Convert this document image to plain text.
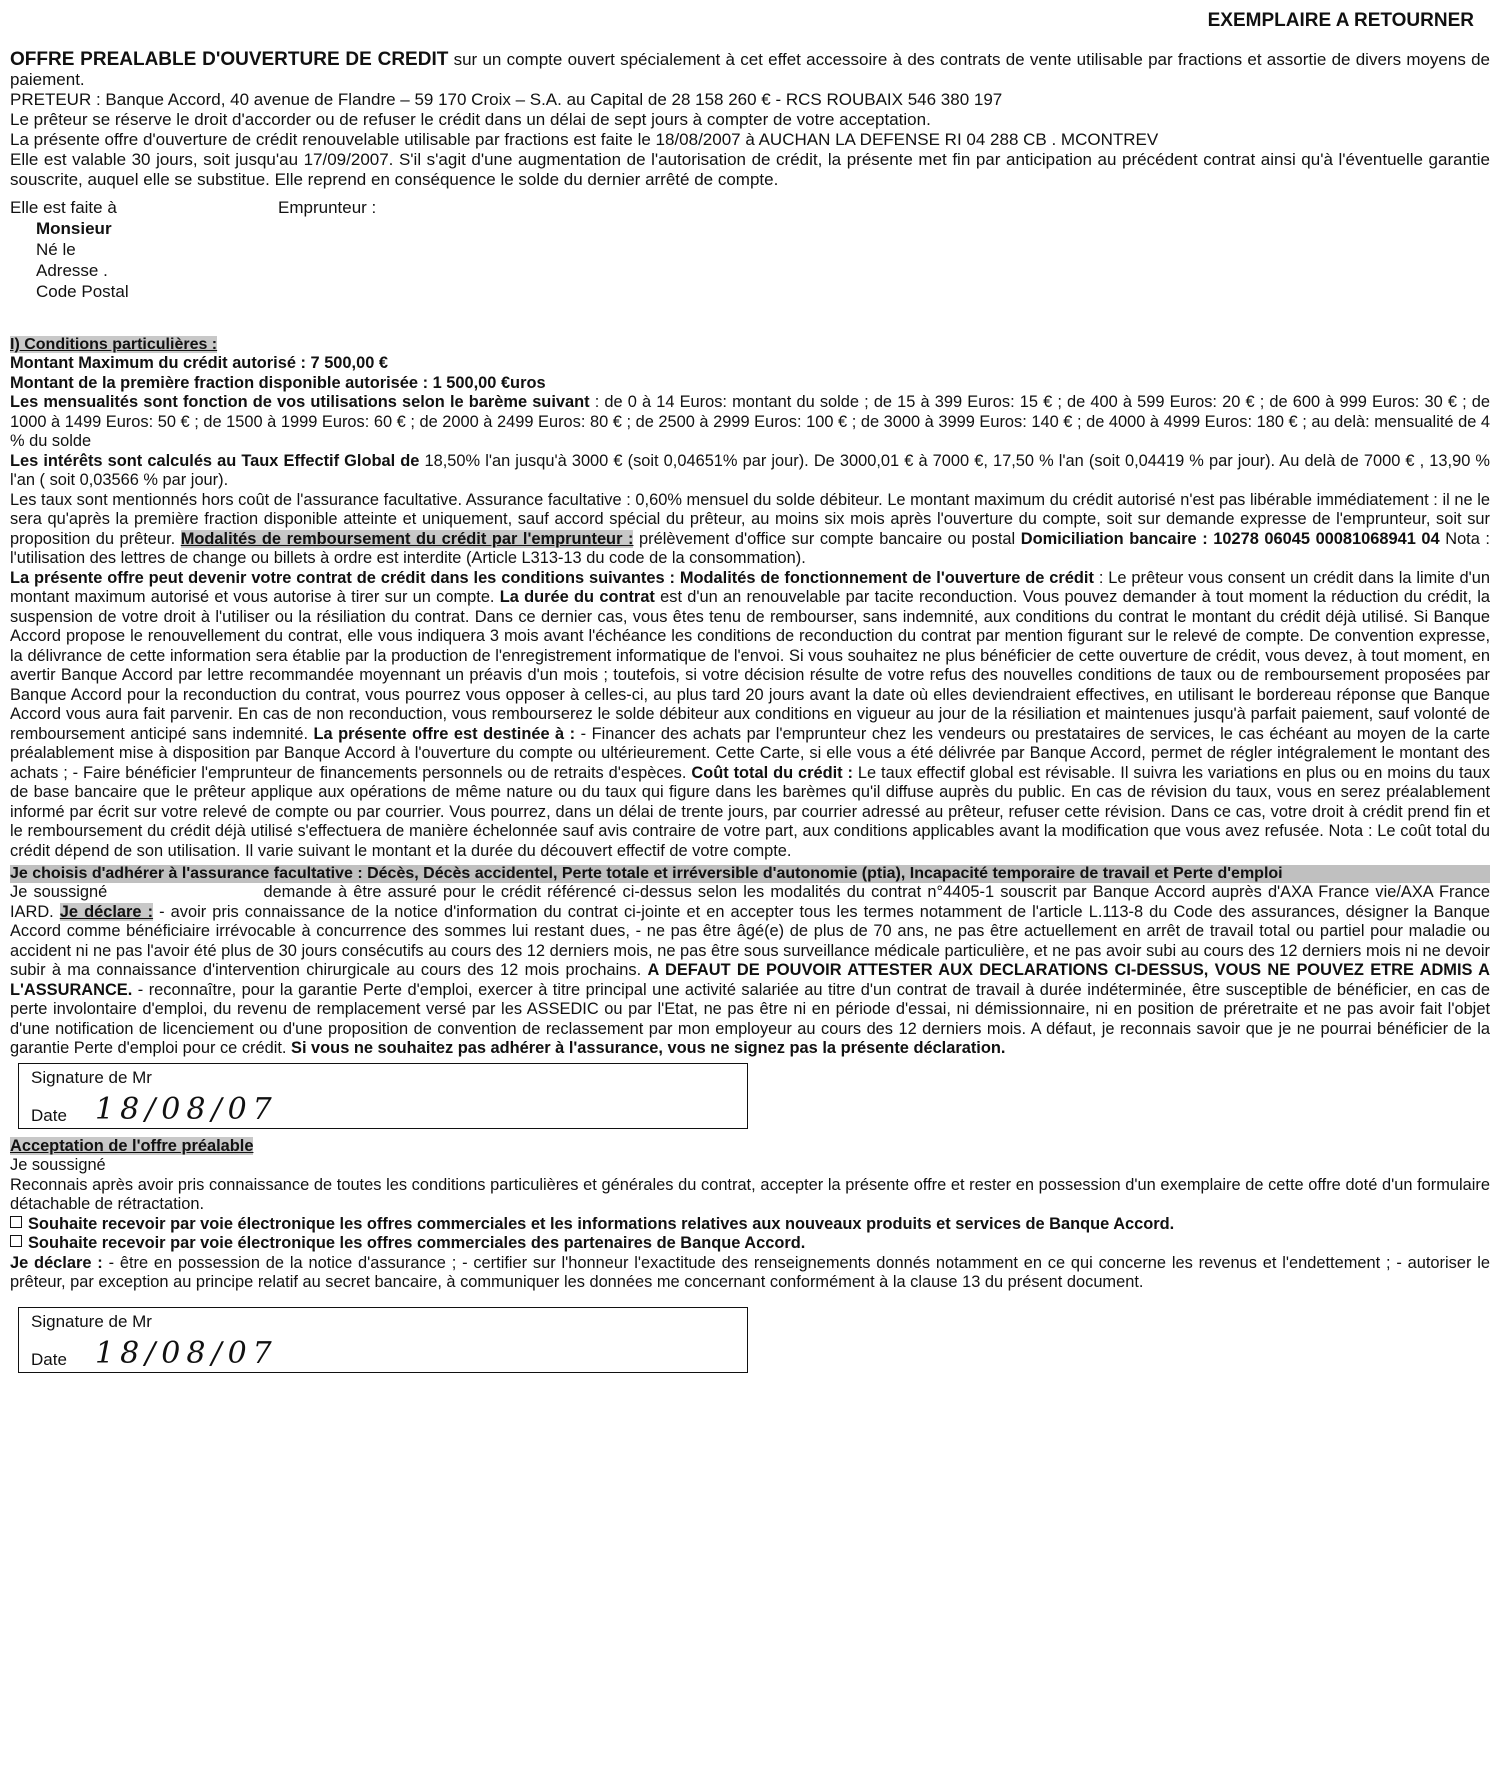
EXEMPLAIRE A RETOURNER
OFFRE PREALABLE D'OUVERTURE DE CREDIT sur un compte ouvert spécialement à cet effet accessoire à des contrats de vente utilisable par fractions et assortie de divers moyens de paiement.
PRETEUR : Banque Accord, 40 avenue de Flandre – 59 170 Croix – S.A. au Capital de 28 158 260 € - RCS ROUBAIX 546 380 197
Le prêteur se réserve le droit d'accorder ou de refuser le crédit dans un délai de sept jours à compter de votre acceptation.
La présente offre d'ouverture de crédit renouvelable utilisable par fractions est faite le 18/08/2007 à AUCHAN LA DEFENSE RI 04 288 CB . MCONTREV
Elle est valable 30 jours, soit jusqu'au 17/09/2007. S'il s'agit d'une augmentation de l'autorisation de crédit, la présente met fin par anticipation au précédent contrat ainsi qu'à l'éventuelle garantie souscrite, auquel elle se substitue. Elle reprend en conséquence le solde du dernier arrêté de compte.
Elle est faite à	Emprunteur :
Monsieur
Né le
Adresse .
Code Postal
I) Conditions particulières :
Montant Maximum du crédit autorisé : 7 500,00 €
Montant de la première fraction disponible autorisée : 1 500,00 €uros
Les mensualités sont fonction de vos utilisations selon le barème suivant : de 0 à 14 Euros: montant du solde ; de 15 à 399 Euros: 15 € ; de 400 à 599 Euros: 20 € ; de 600 à 999 Euros: 30 € ; de 1000 à 1499 Euros: 50 € ; de 1500 à 1999 Euros: 60 € ; de 2000 à 2499 Euros: 80 € ; de 2500 à 2999 Euros: 100 € ; de 3000 à 3999 Euros: 140 € ; de 4000 à 4999 Euros: 180 € ; au delà: mensualité de 4 % du solde
Les intérêts sont calculés au Taux Effectif Global de 18,50% l'an jusqu'à 3000 € (soit 0,04651% par jour). De 3000,01 € à 7000 €, 17,50 % l'an (soit 0,04419 % par jour). Au delà de 7000 € , 13,90 % l'an ( soit 0,03566 % par jour).
Les taux sont mentionnés hors coût de l'assurance facultative. Assurance facultative : 0,60% mensuel du solde débiteur. Le montant maximum du crédit autorisé n'est pas libérable immédiatement : il ne le sera qu'après la première fraction disponible atteinte et uniquement, sauf accord spécial du prêteur, au moins six mois après l'ouverture du compte, soit sur demande expresse de l'emprunteur, soit sur proposition du prêteur. Modalités de remboursement du crédit par l'emprunteur : prélèvement d'office sur compte bancaire ou postal Domiciliation bancaire : 10278 06045 00081068941 04 Nota : l'utilisation des lettres de change ou billets à ordre est interdite (Article L313-13 du code de la consommation).
La présente offre peut devenir votre contrat de crédit dans les conditions suivantes : Modalités de fonctionnement de l'ouverture de crédit : Le prêteur vous consent un crédit dans la limite d'un montant maximum autorisé et vous autorise à tirer sur un compte. La durée du contrat est d'un an renouvelable par tacite reconduction. Vous pouvez demander à tout moment la réduction du crédit, la suspension de votre droit à l'utiliser ou la résiliation du contrat. Dans ce dernier cas, vous êtes tenu de rembourser, sans indemnité, aux conditions du contrat le montant du crédit déjà utilisé. Si Banque Accord propose le renouvellement du contrat, elle vous indiquera 3 mois avant l'échéance les conditions de reconduction du contrat par mention figurant sur le relevé de compte. De convention expresse, la délivrance de cette information sera établie par la production de l'enregistrement informatique de l'envoi. Si vous souhaitez ne plus bénéficier de cette ouverture de crédit, vous devez, à tout moment, en avertir Banque Accord par lettre recommandée moyennant un préavis d'un mois ; toutefois, si votre décision résulte de votre refus des nouvelles conditions de taux ou de remboursement proposées par Banque Accord pour la reconduction du contrat, vous pourrez vous opposer à celles-ci, au plus tard 20 jours avant la date où elles deviendraient effectives, en utilisant le bordereau réponse que Banque Accord vous aura fait parvenir. En cas de non reconduction, vous rembourserez le solde débiteur aux conditions en vigueur au jour de la résiliation et maintenues jusqu'à parfait paiement, sauf volonté de remboursement anticipé sans indemnité. La présente offre est destinée à : - Financer des achats par l'emprunteur chez les vendeurs ou prestataires de services, le cas échéant au moyen de la carte préalablement mise à disposition par Banque Accord à l'ouverture du compte ou ultérieurement. Cette Carte, si elle vous a été délivrée par Banque Accord, permet de régler intégralement le montant des achats ; - Faire bénéficier l'emprunteur de financements personnels ou de retraits d'espèces. Coût total du crédit : Le taux effectif global est révisable. Il suivra les variations en plus ou en moins du taux de base bancaire que le prêteur applique aux opérations de même nature ou du taux qui figure dans les barèmes qu'il diffuse auprès du public. En cas de révision du taux, vous en serez préalablement informé par écrit sur votre relevé de compte ou par courrier. Vous pourrez, dans un délai de trente jours, par courrier adressé au prêteur, refuser cette révision. Dans ce cas, votre droit à crédit prend fin et le remboursement du crédit déjà utilisé s'effectuera de manière échelonnée sauf avis contraire de votre part, aux conditions applicables avant la modification que vous avez refusée. Nota : Le coût total du crédit dépend de son utilisation. Il varie suivant le montant et la durée du découvert effectif de votre compte.
Je choisis d'adhérer à l'assurance facultative : Décès, Décès accidentel, Perte totale et irréversible d'autonomie (ptia), Incapacité temporaire de travail et Perte d'emploi
Je soussigné	demande à être assuré pour le crédit référencé ci-dessus selon les modalités du contrat n°4405-1 souscrit par Banque Accord auprès d'AXA France vie/AXA France IARD. Je déclare : - avoir pris connaissance de la notice d'information du contrat ci-jointe et en accepter tous les termes notamment de l'article L.113-8 du Code des assurances, désigner la Banque Accord comme bénéficiaire irrévocable à concurrence des sommes lui restant dues, - ne pas être âgé(e) de plus de 70 ans, ne pas être actuellement en arrêt de travail total ou partiel pour maladie ou accident ni ne pas l'avoir été plus de 30 jours consécutifs au cours des 12 derniers mois, ne pas être sous surveillance médicale particulière, et ne pas avoir subi au cours des 12 derniers mois ni ne devoir subir à ma connaissance d'intervention chirurgicale au cours des 12 mois prochains. A DEFAUT DE POUVOIR ATTESTER AUX DECLARATIONS CI-DESSUS, VOUS NE POUVEZ ETRE ADMIS A L'ASSURANCE. - reconnaître, pour la garantie Perte d'emploi, exercer à titre principal une activité salariée au titre d'un contrat de travail à durée indéterminée, être susceptible de bénéficier, en cas de perte involontaire d'emploi, du revenu de remplacement versé par les ASSEDIC ou par l'Etat, ne pas être ni en période d'essai, ni démissionnaire, ni en position de préretraite et ne pas avoir fait l'objet d'une notification de licenciement ou d'une proposition de convention de reclassement par mon employeur au cours des 12 derniers mois. A défaut, je reconnais savoir que je ne pourrai bénéficier de la garantie Perte d'emploi pour ce crédit. Si vous ne souhaitez pas adhérer à l'assurance, vous ne signez pas la présente déclaration.
Signature de Mr
Date 18/08/07
Acceptation de l'offre préalable
Je soussigné
Reconnais après avoir pris connaissance de toutes les conditions particulières et générales du contrat, accepter la présente offre et rester en possession d'un exemplaire de cette offre doté d'un formulaire détachable de rétractation.
Souhaite recevoir par voie électronique les offres commerciales et les informations relatives aux nouveaux produits et services de Banque Accord.
Souhaite recevoir par voie électronique les offres commerciales des partenaires de Banque Accord.
Je déclare : - être en possession de la notice d'assurance ; - certifier sur l'honneur l'exactitude des renseignements donnés notamment en ce qui concerne les revenus et l'endettement ; - autoriser le prêteur, par exception au principe relatif au secret bancaire, à communiquer les données me concernant conformément à la clause 13 du présent document.
Signature de Mr
Date 18/08/07
